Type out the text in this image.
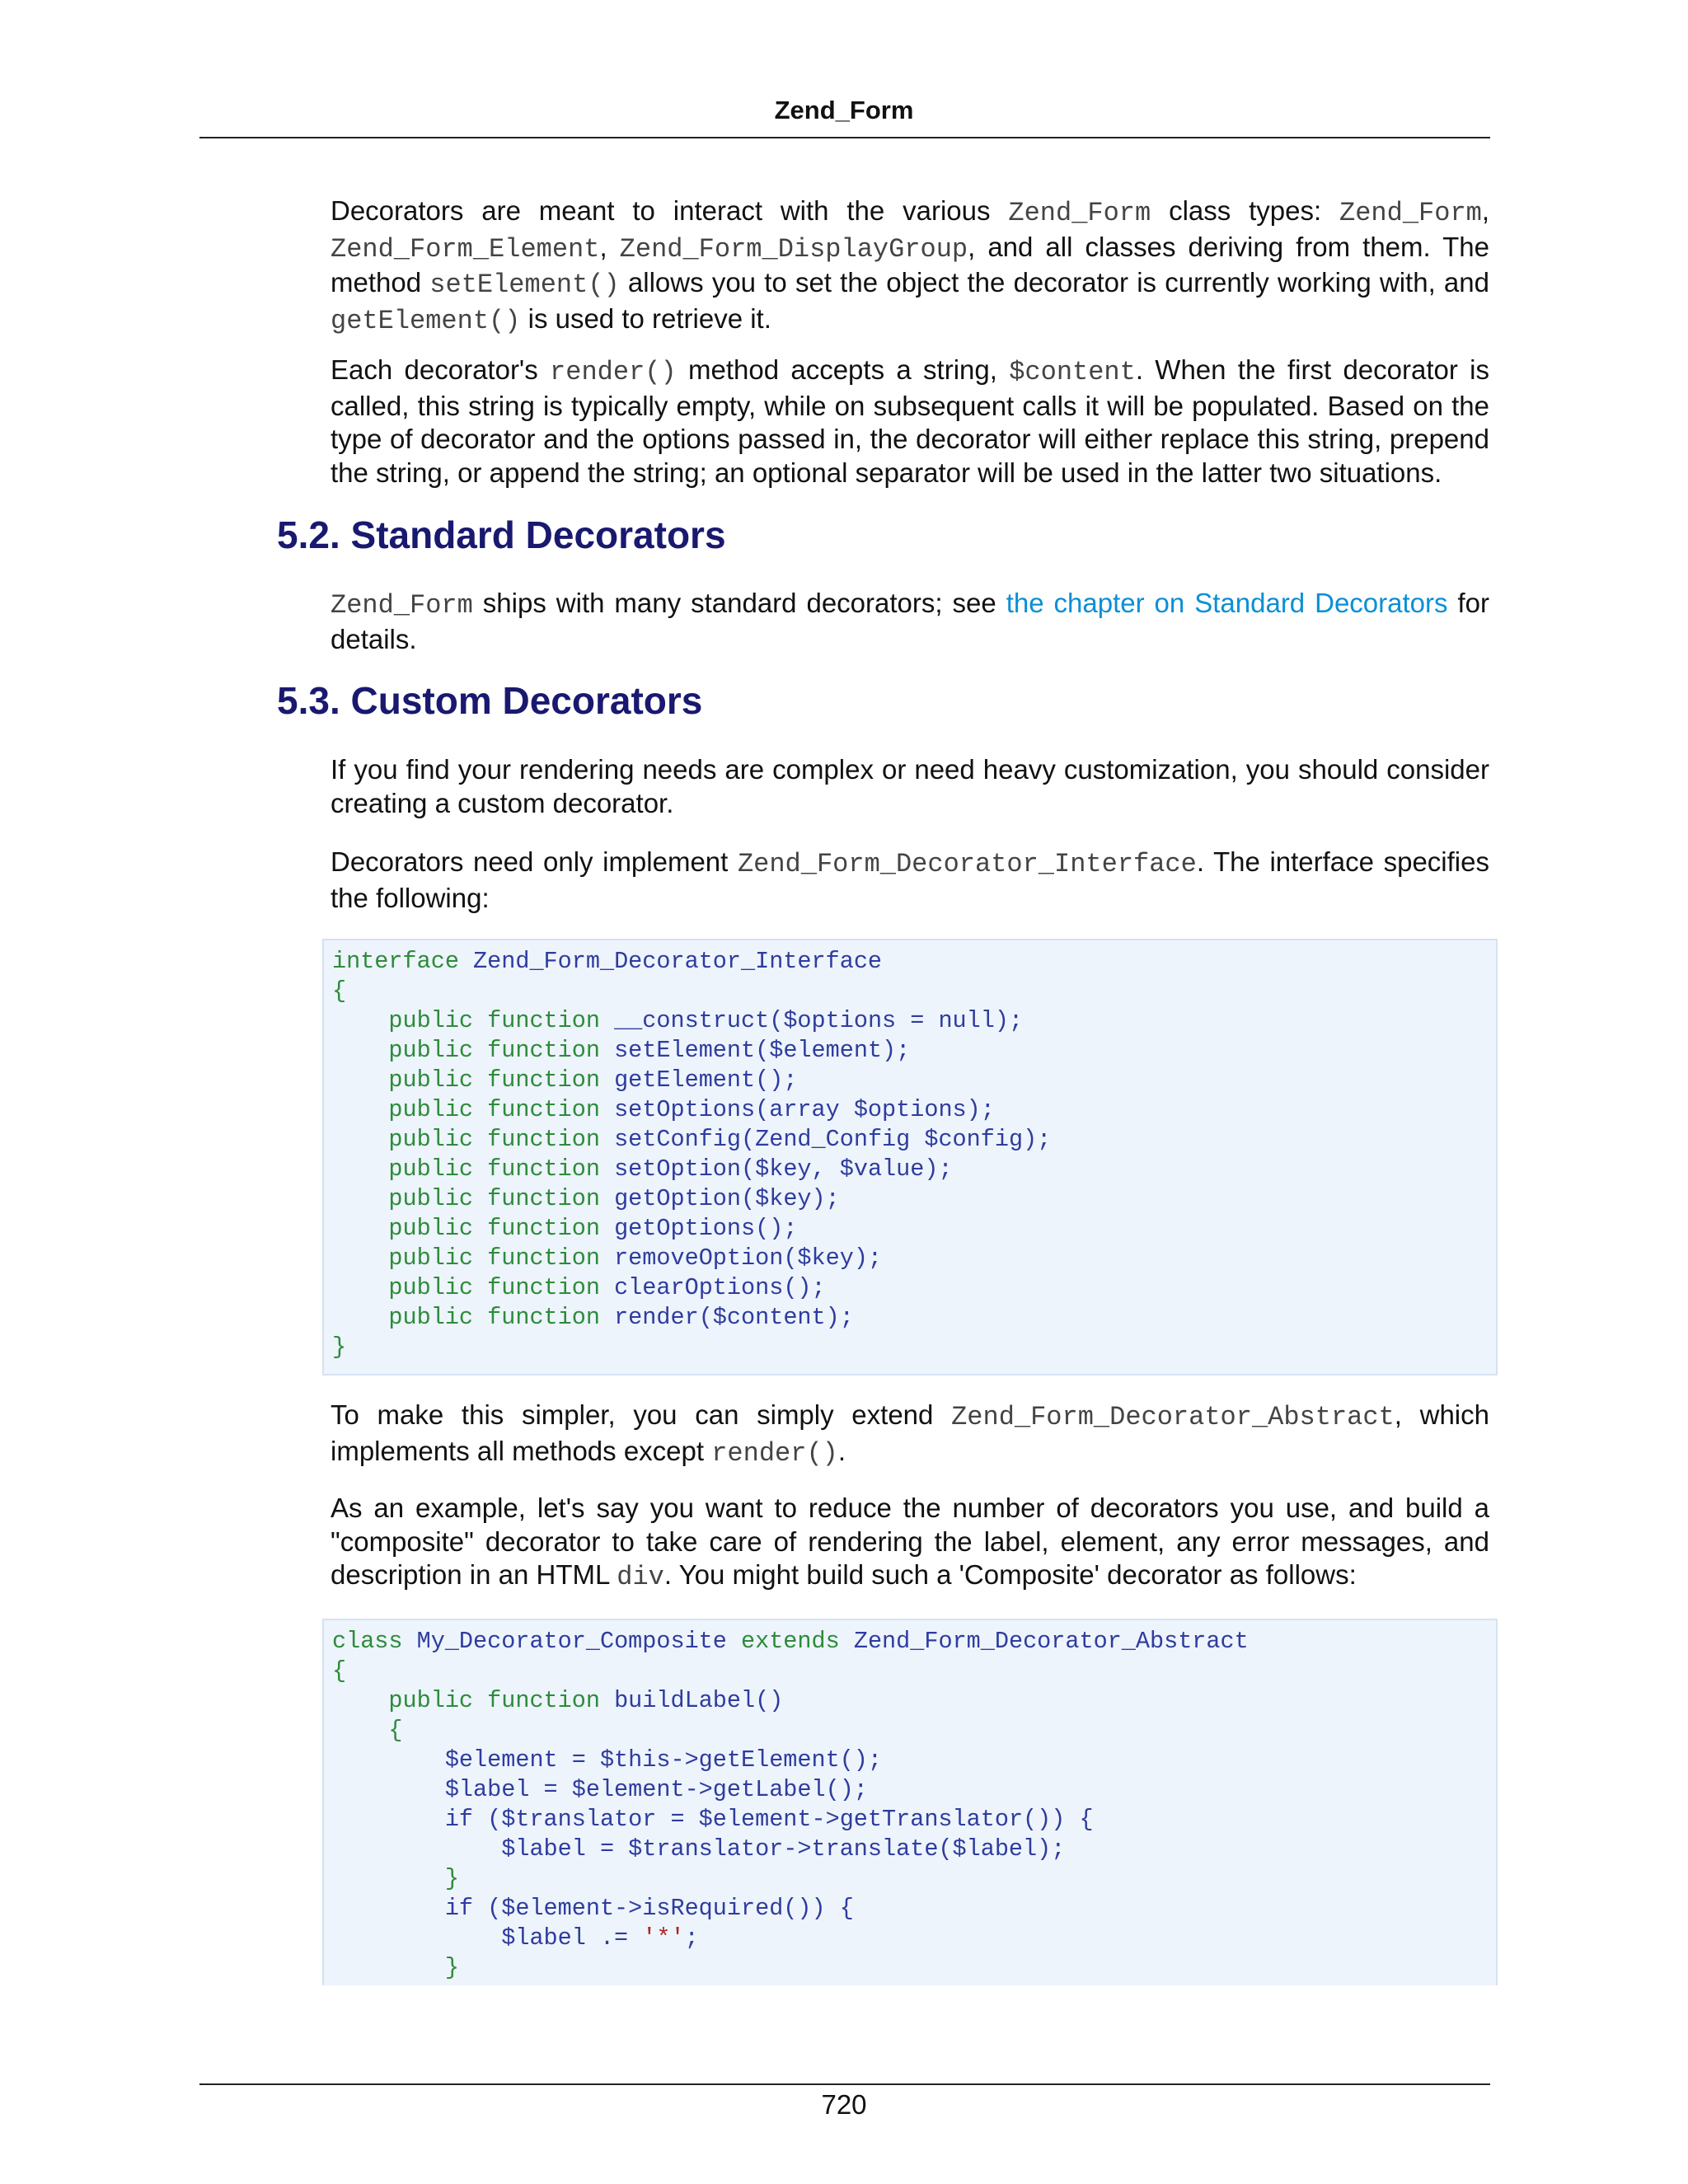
Zend_Form

Decorators are meant to interact with the various Zend_Form class types: Zend_Form, Zend_Form_Element, Zend_Form_DisplayGroup, and all classes deriving from them. The method setElement() allows you to set the object the decorator is currently working with, and getElement() is used to retrieve it.

Each decorator's render() method accepts a string, $content. When the first decorator is called, this string is typically empty, while on subsequent calls it will be populated. Based on the type of decorator and the options passed in, the decorator will either replace this string, prepend the string, or append the string; an optional separator will be used in the latter two situations.

5.2. Standard Decorators

Zend_Form ships with many standard decorators; see the chapter on Standard Decorators for details.

5.3. Custom Decorators

If you find your rendering needs are complex or need heavy customization, you should consider creating a custom decorator.

Decorators need only implement Zend_Form_Decorator_Interface. The interface specifies the following:

interface Zend_Form_Decorator_Interface
{
public function __construct($options = null);
public function setElement($element);
public function getElement();
public function setOptions(array $options);
public function setConfig(Zend_Config $config);
public function setOption($key, $value);
public function getOption($key);
public function getOptions();
public function removeOption($key);
public function clearOptions();
public function render($content);
}

To make this simpler, you can simply extend Zend_Form_Decorator_Abstract, which implements all methods except render().

As an example, let's say you want to reduce the number of decorators you use, and build a "composite" decorator to take care of rendering the label, element, any error messages, and description in an HTML div. You might build such a 'Composite' decorator as follows:

class My_Decorator_Composite extends Zend_Form_Decorator_Abstract
{
public function buildLabel()
{
$element = $this->getElement();
$label = $element->getLabel();
if ($translator = $element->getTranslator()) {
$label = $translator->translate($label);
}
if ($element->isRequired()) {
$label .= '*';
}
720
